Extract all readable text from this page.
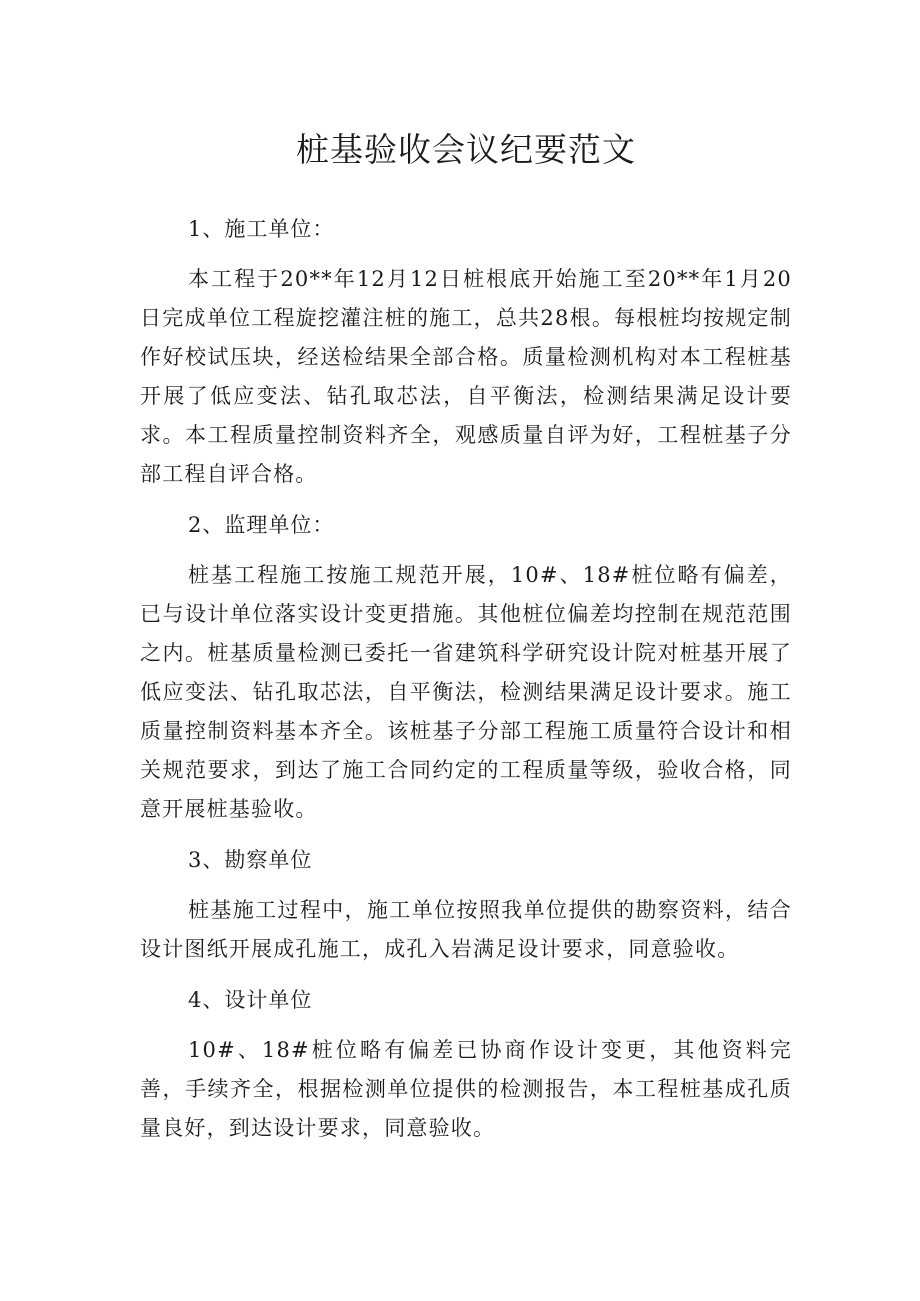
桩基验收会议纪要范文

1、施工单位：

本工程于20**年12月12日桩根底开始施工至20**年1月20日完成单位工程旋挖灌注桩的施工，总共28根。每根桩均按规定制作好校试压块，经送检结果全部合格。质量检测机构对本工程桩基开展了低应变法、钻孔取芯法，自平衡法，检测结果满足设计要求。本工程质量控制资料齐全，观感质量自评为好，工程桩基子分部工程自评合格。

2、监理单位：

桩基工程施工按施工规范开展，10#、18#桩位略有偏差，已与设计单位落实设计变更措施。其他桩位偏差均控制在规范范围之内。桩基质量检测已委托一省建筑科学研究设计院对桩基开展了低应变法、钻孔取芯法，自平衡法，检测结果满足设计要求。施工质量控制资料基本齐全。该桩基子分部工程施工质量符合设计和相关规范要求，到达了施工合同约定的工程质量等级，验收合格，同意开展桩基验收。

3、勘察单位

桩基施工过程中，施工单位按照我单位提供的勘察资料，结合设计图纸开展成孔施工，成孔入岩满足设计要求，同意验收。

4、设计单位

10#、18#桩位略有偏差已协商作设计变更，其他资料完善，手续齐全，根据检测单位提供的检测报告，本工程桩基成孔质量良好，到达设计要求，同意验收。
